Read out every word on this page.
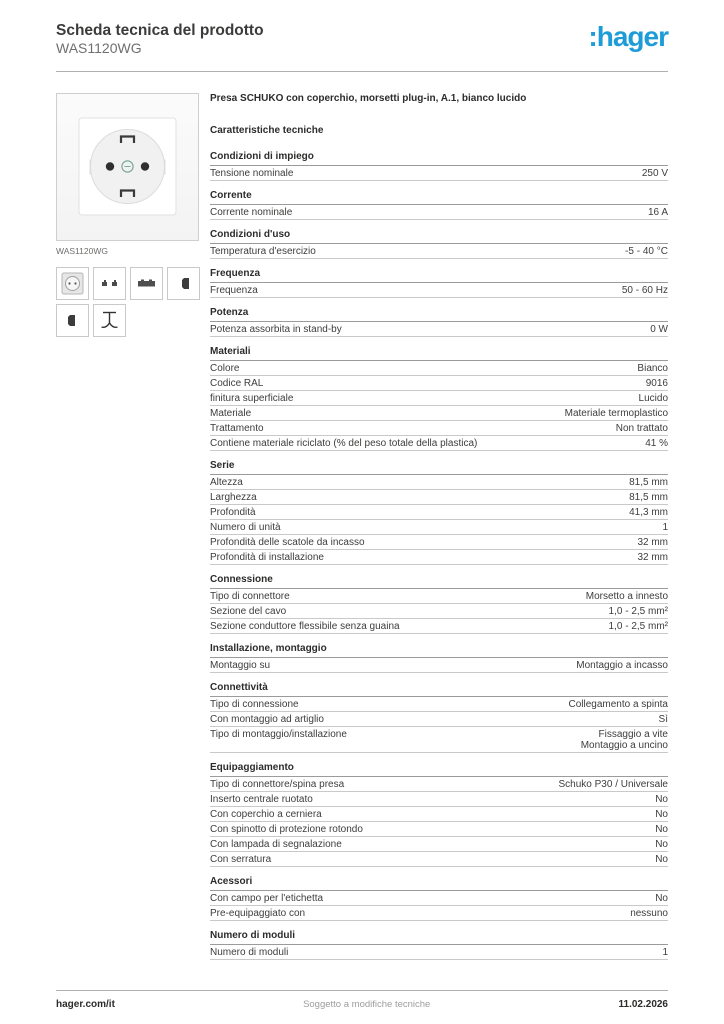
Scheda tecnica del prodotto
WAS1120WG	:hager
WAS1120WG
Presa SCHUKO con coperchio, morsetti plug-in, A.1, bianco lucido
Caratteristiche tecniche
Condizioni di impiego
Tensione nominale	250 V
Corrente
Corrente nominale	16 A
Condizioni d'uso
Temperatura d'esercizio	-5 - 40 °C
Frequenza
Frequenza	50 - 60 Hz
Potenza
Potenza assorbita in stand-by	0 W
Materiali
Colore	Bianco
Codice RAL	9016
finitura superficiale	Lucido
Materiale	Materiale termoplastico
Trattamento	Non trattato
Contiene materiale riciclato (% del peso totale della plastica)	41 %
Serie
Altezza	81,5 mm
Larghezza	81,5 mm
Profondità	41,3 mm
Numero di unità	1
Profondità delle scatole da incasso	32 mm
Profondità di installazione	32 mm
Connessione
Tipo di connettore	Morsetto a innesto
Sezione del cavo	1,0 - 2,5 mm²
Sezione conduttore flessibile senza guaina	1,0 - 2,5 mm²
Installazione, montaggio
Montaggio su	Montaggio a incasso
Connettività
Tipo di connessione	Collegamento a spinta
Con montaggio ad artiglio	Sì
Tipo di montaggio/installazione	Fissaggio a vite
Montaggio a uncino
Equipaggiamento
Tipo di connettore/spina presa	Schuko P30 / Universale
Inserto centrale ruotato	No
Con coperchio a cerniera	No
Con spinotto di protezione rotondo	No
Con lampada di segnalazione	No
Con serratura	No
Acessori
Con campo per l'etichetta	No
Pre-equipaggiato con	nessuno
Numero di moduli
Numero di moduli	1
hager.com/it	Soggetto a modifiche tecniche	11.02.2026
